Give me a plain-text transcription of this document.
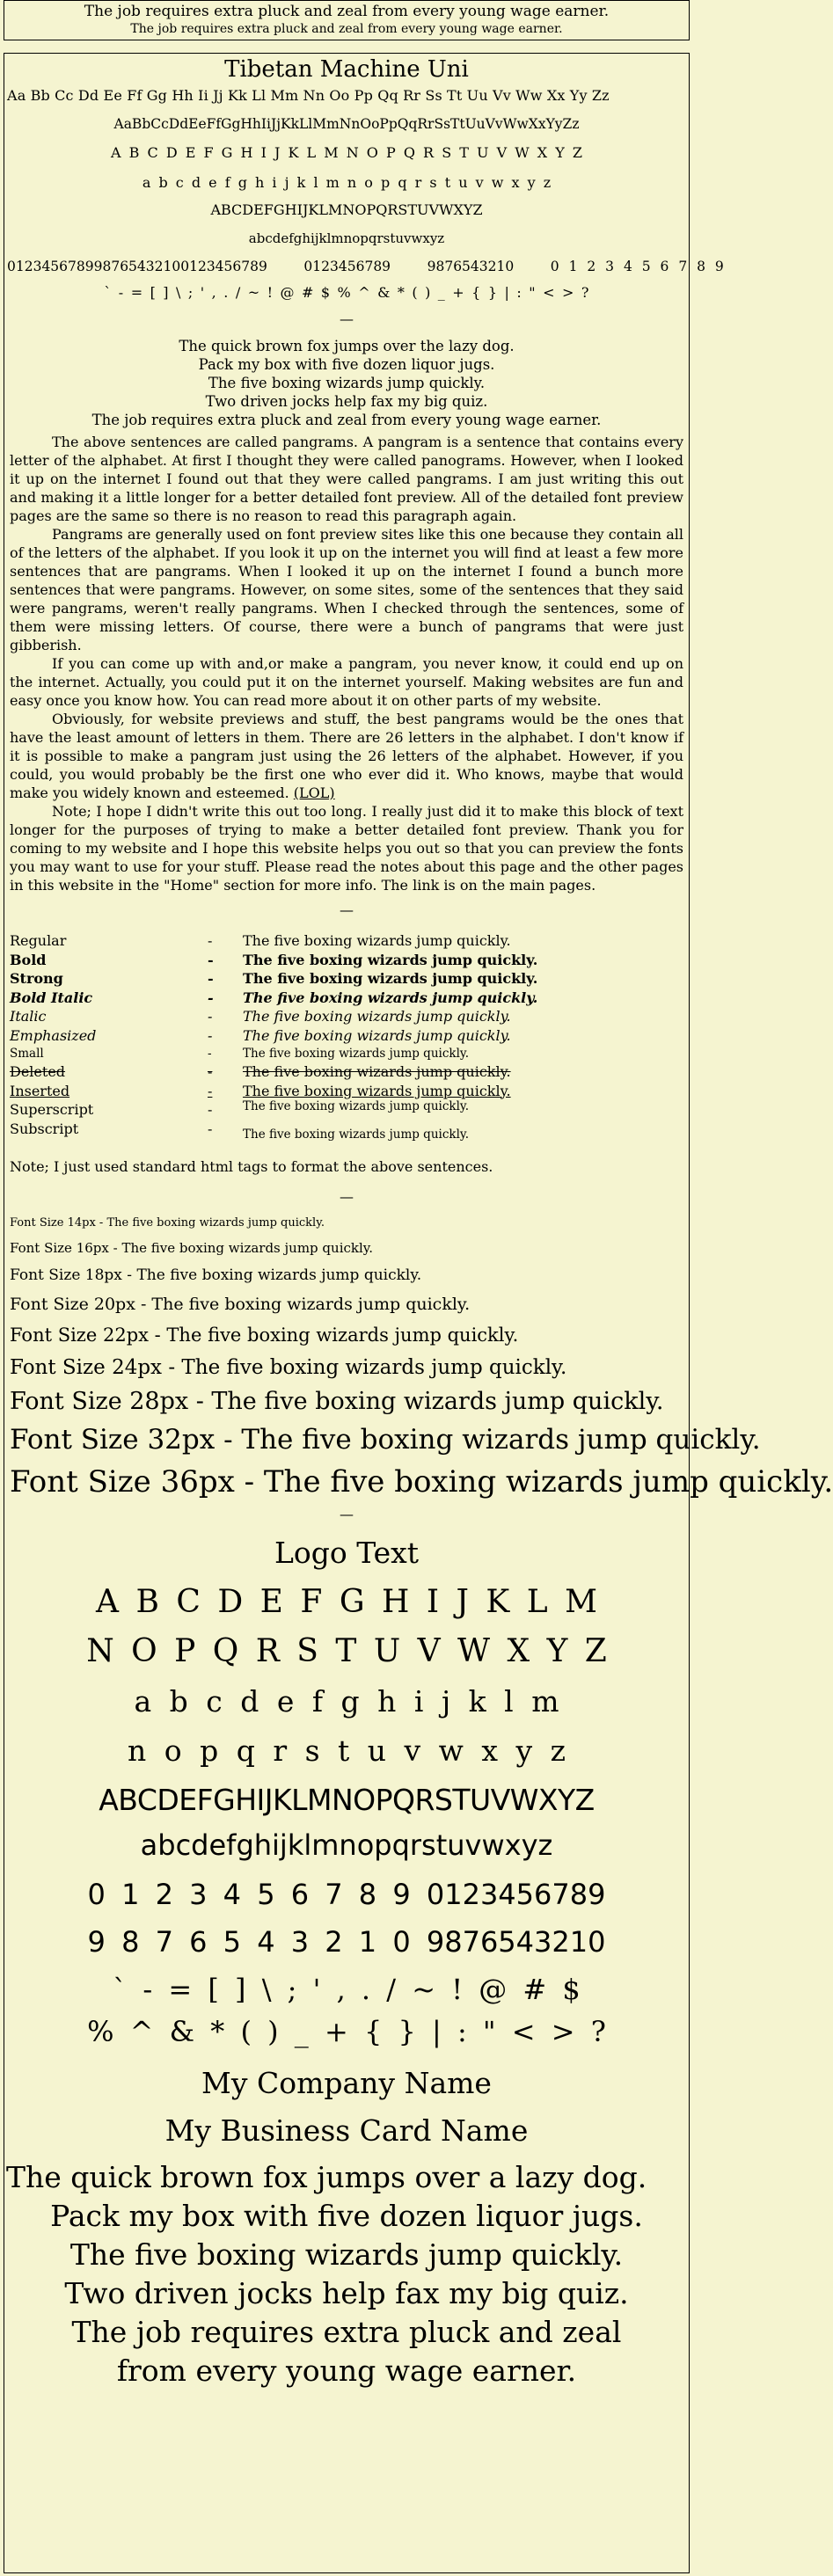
The job requires extra pluck and zeal from every young wage earner.
The job requires extra pluck and zeal from every young wage earner.
Tibetan Machine Uni
Aa Bb Cc Dd Ee Ff Gg Hh Ii Jj Kk Ll Mm Nn Oo Pp Qq Rr Ss Tt Uu Vv Ww Xx Yy Zz
AaBbCcDdEeFfGgHhIiJjKkLlMmNnOoPpQqRrSsTtUuVvWwXxYyZz
A B C D E F G H I J K L M N O P Q R S T U V W X Y Z
a b c d e f g h i j k l m n o p q r s t u v w x y z
ABCDEFGHIJKLMNOPQRSTUVWXYZ
abcdefghijklmnopqrstuvwxyz
01234567899876543210012345678​9	0123456789	9876543210	0 1 2 3 4 5 6 7 8 9
` - = [ ] \ ; ' , . / ~ ! @ # $ % ^ & * ( ) _ + { } | : " < > ?
—
The quick brown fox jumps over the lazy dog.
Pack my box with five dozen liquor jugs.
The five boxing wizards jump quickly.
Two driven jocks help fax my big quiz.
The job requires extra pluck and zeal from every young wage earner.

The above sentences are called pangrams. A pangram is a sentence that contains every letter of the alphabet. At first I thought they were called panograms. However, when I looked it up on the internet I found out that they were called pangrams. I am just writing this out and making it a little longer for a better detailed font preview. All of the detailed font preview pages are the same so there is no reason to read this paragraph again.

Pangrams are generally used on font preview sites like this one because they contain all of the letters of the alphabet. If you look it up on the internet you will find at least a few more sentences that are pangrams. When I looked it up on the internet I found a bunch more sentences that were pangrams. However, on some sites, some of the sentences that they said were pangrams, weren't really pangrams. When I checked through the sentences, some of them were missing letters. Of course, there were a bunch of pangrams that were just gibberish.

If you can come up with and,or make a pangram, you never know, it could end up on the internet. Actually, you could put it on the internet yourself. Making websites are fun and easy once you know how. You can read more about it on other parts of my website.

Obviously, for website previews and stuff, the best pangrams would be the ones that have the least amount of letters in them. There are 26 letters in the alphabet. I don't know if it is possible to make a pangram just using the 26 letters of the alphabet. However, if you could, you would probably be the first one who ever did it. Who knows, maybe that would make you widely known and esteemed. (LOL)

Note; I hope I didn't write this out too long. I really just did it to make this block of text longer for the purposes of trying to make a better detailed font preview. Thank you for coming to my website and I hope this website helps you out so that you can preview the fonts you may want to use for your stuff. Please read the notes about this page and the other pages in this website in the "Home" section for more info. The link is on the main pages.

—
Regular	-	The five boxing wizards jump quickly.
Bold	-	The five boxing wizards jump quickly.
Strong	-	The five boxing wizards jump quickly.
Bold Italic	-	The five boxing wizards jump quickly.
Italic	-	The five boxing wizards jump quickly.
Emphasized	-	The five boxing wizards jump quickly.
Small	-	The five boxing wizards jump quickly.
Deleted	-	The five boxing wizards jump quickly.
Inserted	-	The five boxing wizards jump quickly.
Superscript	-	The five boxing wizards jump quickly.
Subscript	-	The five boxing wizards jump quickly.
Note; I just used standard html tags to format the above sentences.
—
Font Size 14px - The five boxing wizards jump quickly.
Font Size 16px - The five boxing wizards jump quickly.
Font Size 18px - The five boxing wizards jump quickly.
Font Size 20px - The five boxing wizards jump quickly.
Font Size 22px - The five boxing wizards jump quickly.
Font Size 24px - The five boxing wizards jump quickly.
Font Size 28px - The five boxing wizards jump quickly.
Font Size 32px - The five boxing wizards jump quickly.
Font Size 36px - The five boxing wizards jump quickly.
—
Logo Text
A B C D E F G H I J K L M
N O P Q R S T U V W X Y Z
a b c d e f g h i j k l m
n o p q r s t u v w x y z
ABCDEFGHIJKLMNOPQRSTUVWXYZ
abcdefghijklmnopqrstuvwxyz
0 1 2 3 4 5 6 7 8 9 0123456789
9 8 7 6 5 4 3 2 1 0 9876543210
` - = [ ] \ ; ' , . / ~ ! @ # $
% ^ & * ( ) _ + { } | : " < > ?
My Company Name
My Business Card Name
The quick brown fox jumps over a lazy dog.
Pack my box with five dozen liquor jugs.
The five boxing wizards jump quickly.
Two driven jocks help fax my big quiz.
The job requires extra pluck and zeal
from every young wage earner.
